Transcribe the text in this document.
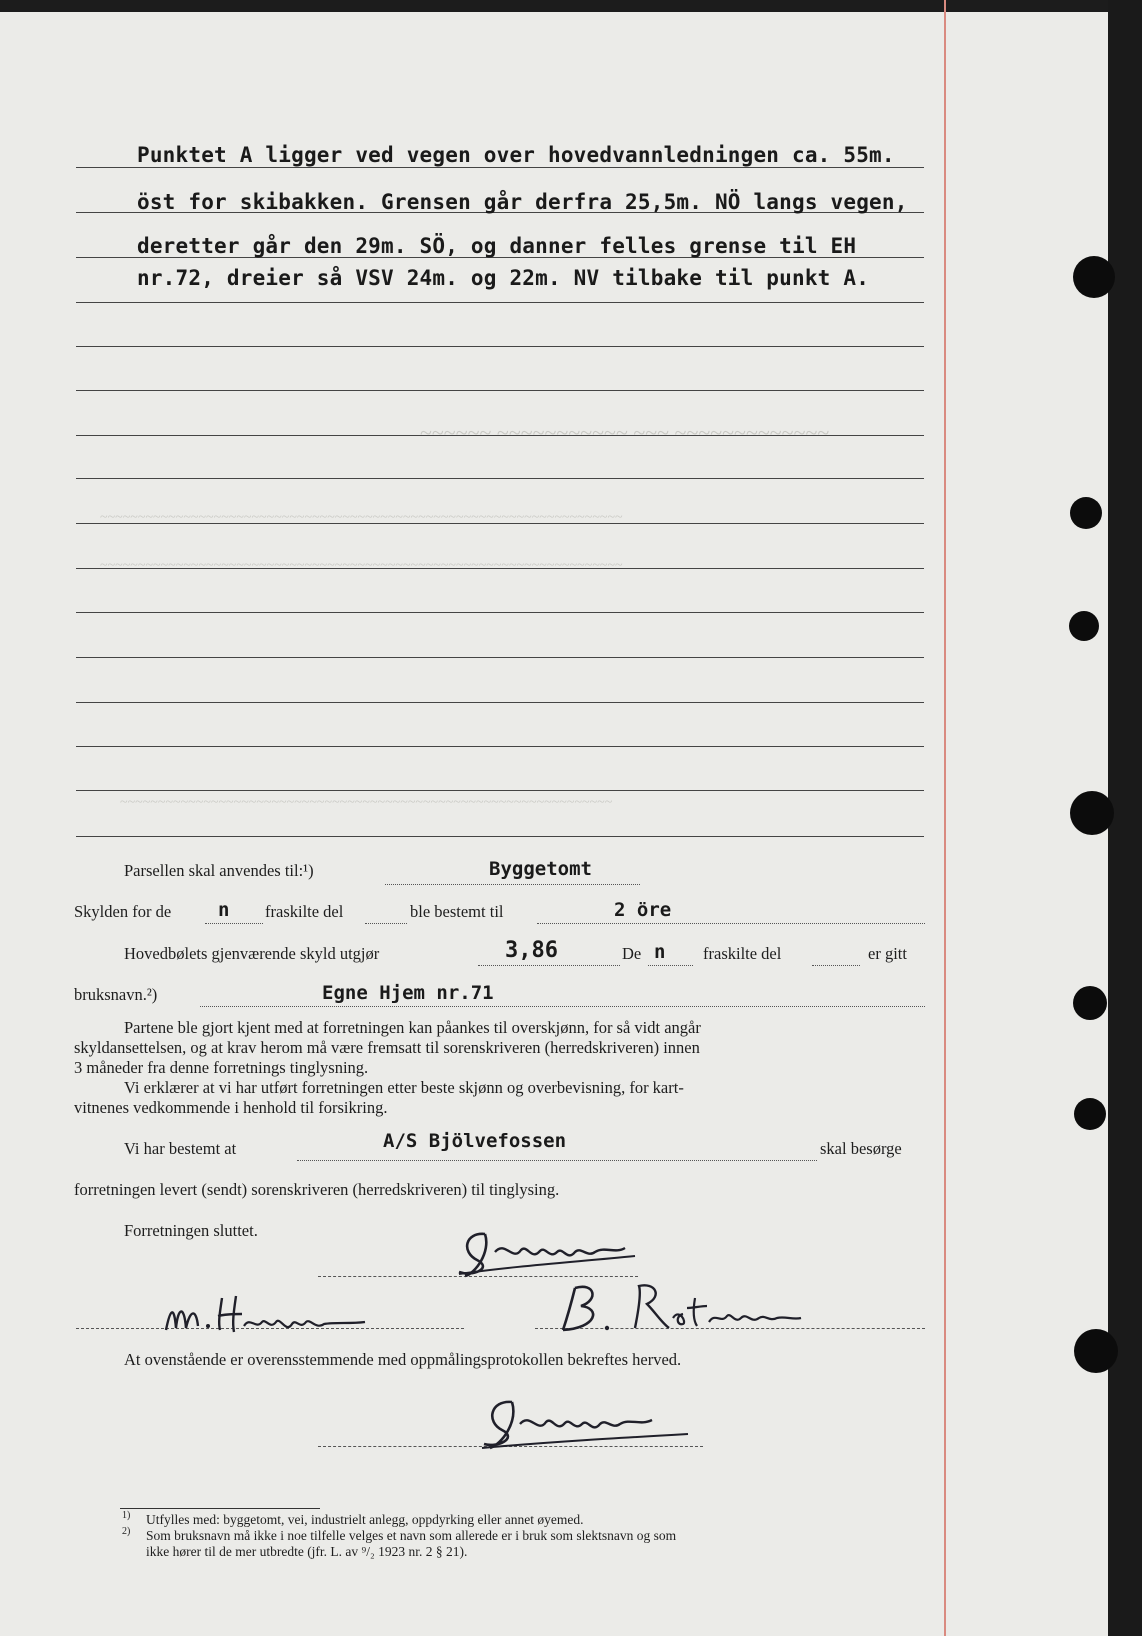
~~~~~~ ~~~~~~~~~~~ ~~~ ~~~~~~~~~~~~~
~~~~~~~~~~~~~~~~~~~~~~~~~~~~~~~~~~~~~~~~~~~~~~~~~~~~~~~~~~~~~~~~~~~~~
~~~~~~~~~~~~~~~~~~~~~~~~~~~~~~~~~~~~~~~~~~~~~~~~~~~~~~~~~~~~~~~~~~~~~
~~~~~~~~~~~~~~~~~~~~~~~~~~~~~~~~~~~~~~~~~~~~~~~~~~~~~~~~~~~~~~~~~
Punktet A ligger ved vegen over hovedvannledningen ca. 55m.
öst for skibakken. Grensen går derfra 25,5m. NÖ langs vegen,
deretter går den 29m. SÖ, og danner felles grense til EH
nr.72, dreier så VSV 24m. og 22m. NV tilbake til punkt A.
Parsellen skal anvendes til:¹)	Byggetomt
Skylden for de n fraskilte del	ble bestemt til	2 öre
Hovedbølets gjenværende skyld utgjør	3,86	De n fraskilte del	er gitt
bruksnavn.²)	Egne Hjem nr.71
Partene ble gjort kjent med at forretningen kan påankes til overskjønn, for så vidt angår
skyldansettelsen, og at krav herom må være fremsatt til sorenskriveren (herredskriveren) innen
3 måneder fra denne forretnings tinglysning.
Vi erklærer at vi har utført forretningen etter beste skjønn og overbevisning, for kart-
vitnenes vedkommende i henhold til forsikring.
Vi har bestemt at	A/S Bjölvefossen	skal besørge
forretningen levert (sendt) sorenskriveren (herredskriveren) til tinglysing.
Forretningen sluttet.
At ovenstående er overensstemmende med oppmålingsprotokollen bekreftes herved.
1) Utfylles med: byggetomt, vei, industrielt anlegg, oppdyrking eller annet øyemed.
2) Som bruksnavn må ikke i noe tilfelle velges et navn som allerede er i bruk som slektsnavn og som
ikke hører til de mer utbredte (jfr. L. av ⁹/₂ 1923 nr. 2 § 21).
